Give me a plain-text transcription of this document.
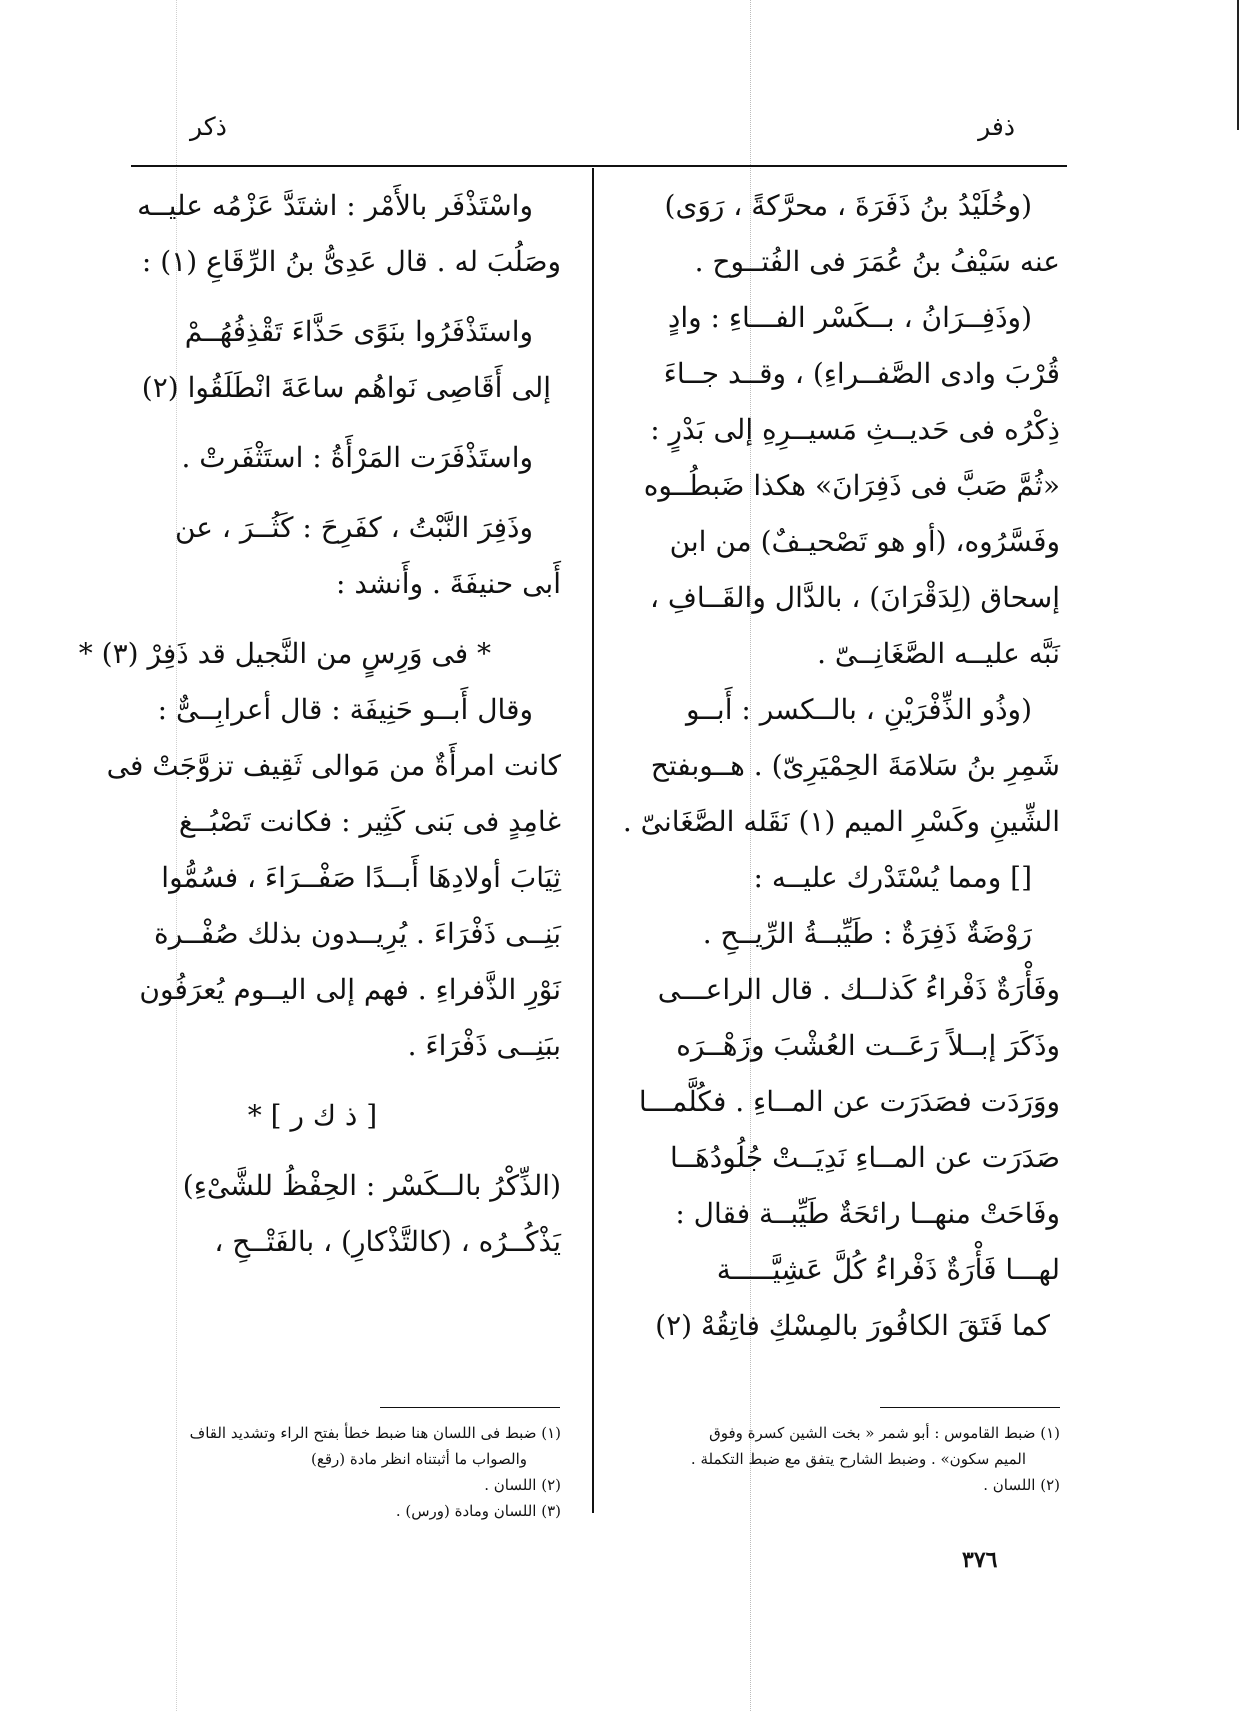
ذفر
ذكر
(وخُلَيْدُ بنُ ذَفَرَةَ ، محرَّكةً ، رَوَى)
عنه سَيْفُ بنُ عُمَرَ فى الفُتــوح .
(وذَفِــرَانُ ، بــكَسْر الفـــاءِ : وادٍ
قُرْبَ وادى الصَّفــراءِ) ، وقــد جــاءَ
ذِكْرُه فى حَديــثِ مَسيــرِهِ إلى بَدْرٍ :
«ثُمَّ صَبَّ فى ذَفِرَانَ» هكذا ضَبطُــوه
وفَسَّرُوه، (أو هو تَصْحيـفٌ) من ابن
إسحاق (لِدَقْرَانَ) ، بالدَّال والقَــافِ ،
نَبَّه عليــه الصَّغَانِــىّ .
(وذُو الذِّفْرَيْنِ ، بالــكسر : أَبــو
شَمِرِ بنُ سَلامَةَ الحِمْيَرِىّ) . هــوبفتح
الشِّينِ وكَسْرِ الميم (١) نَقَله الصَّغَانىّ .
[] ومما يُسْتَدْرك عليــه :
رَوْضَةٌ ذَفِرَةٌ : طَيِّبــةُ الرِّيــحِ .
وفَأْرَةٌ ذَفْراءُ كَذلــك . قال الراعـــى
وذَكَرَ إبــلاً رَعَــت العُشْبَ وزَهْــرَه
ووَرَدَت فصَدَرَت عن المــاءِ . فكُلَّمـــا
صَدَرَت عن المــاءِ نَدِيَــتْ جُلُودُهَــا
وفَاحَتْ منهــا رائحَةٌ طَيِّبــة فقال :
لهـــا فَأْرَةٌ ذَفْراءُ كُلَّ عَشِيَّـــــة
كما فَتَقَ الكافُورَ بالمِسْكِ فاتِقُهْ (٢)
واسْتَذْفَر بالأَمْر : اشتَدَّ عَزْمُه عليــه
وصَلُبَ له . قال عَدِىُّ بنُ الرِّقَاعِ (١) :
واستَذْفَرُوا بنَوًى حَذَّاءَ تَقْذِفُهُــمْ
إلى أَقَاصِى نَواهُم ساعَةَ انْطَلَقُوا (٢)
واستَذْفَرَت المَرْأَةُ : استَثْفَرتْ .
وذَفِرَ النَّبْتُ ، كفَرِحَ : كَثُــرَ ، عن
أَبى حنيفَةَ . وأَنشد :
* فى وَرِسٍ من النَّجيل قد ذَفِرْ (٣) *
وقال أَبــو حَنِيفَة : قال أعرابِــىٌّ :
كانت امرأَةٌ من مَوالى ثَقِيف تزوَّجَتْ فى
غامِدٍ فى بَنى كَثِير : فكانت تَصْبُــغ
ثِيَابَ أولادِهَا أَبــدًا صَفْــرَاءَ ، فسُمُّوا
بَنِــى ذَفْرَاءَ . يُرِيــدون بذلك صُفْــرة
نَوْرِ الذَّفراءِ . فهم إلى اليــوم يُعرَفُون
ببَنِــى ذَفْرَاءَ .
[ ذ ك ر ] *
(الذِّكْرُ بالــكَسْر : الحِفْظُ للشَّىْءِ)
يَذْكُــرُه ، (كالتَّذْكارِ) ، بالفَتْــحِ ،
(١) ضبط القاموس : أبو شمر « بخت الشين كسرة وفوق
الميم سكون» . وضبط الشارح يتفق مع ضبط التكملة .
(٢) اللسان .
(١) ضبط فى اللسان هنا ضبط خطأ بفتح الراء وتشديد القاف
والصواب ما أثبتناه انظر مادة (رقع)
(٢) اللسان .
(٣) اللسان ومادة (ورس) .
٣٧٦
